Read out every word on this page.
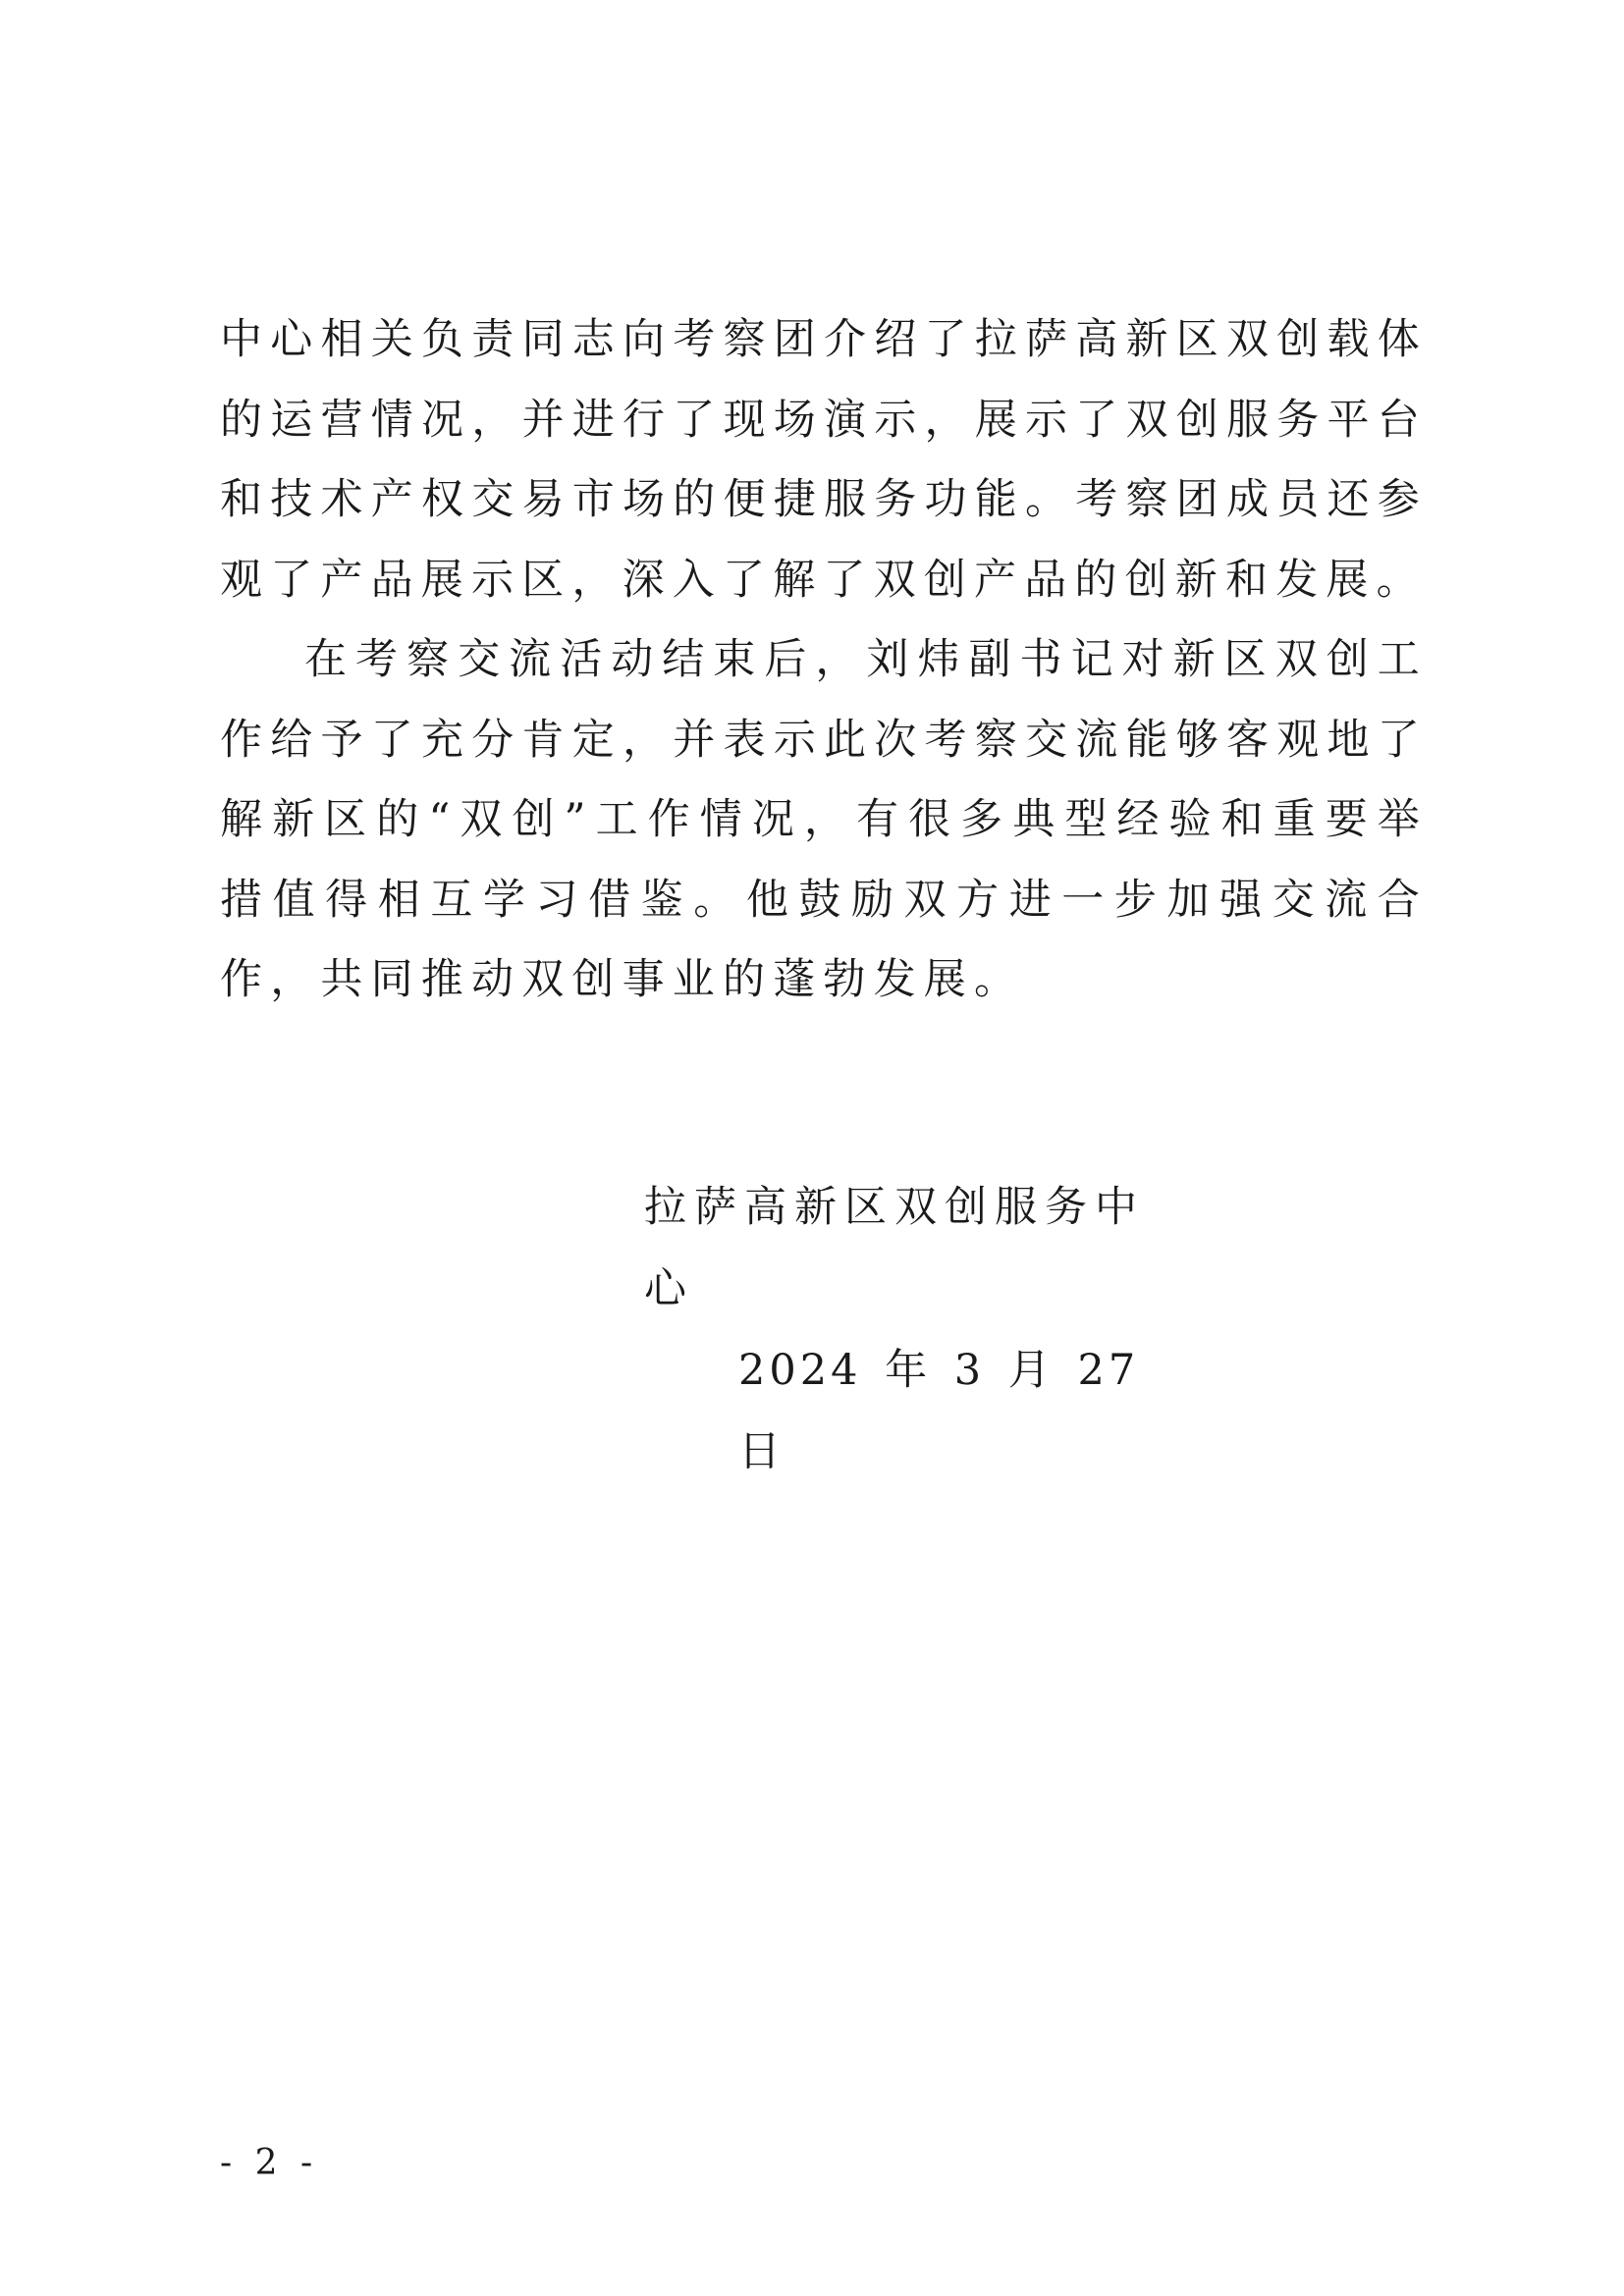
中心相关负责同志向考察团介绍了拉萨高新区双创载体的运营情况，并进行了现场演示，展示了双创服务平台和技术产权交易市场的便捷服务功能。考察团成员还参观了产品展示区，深入了解了双创产品的创新和发展。

在考察交流活动结束后，刘炜副书记对新区双创工作给予了充分肯定，并表示此次考察交流能够客观地了解新区的“双创”工作情况，有很多典型经验和重要举措值得相互学习借鉴。他鼓励双方进一步加强交流合作，共同推动双创事业的蓬勃发展。

拉萨高新区双创服务中心
2024 年 3 月 27 日
- 2 -
